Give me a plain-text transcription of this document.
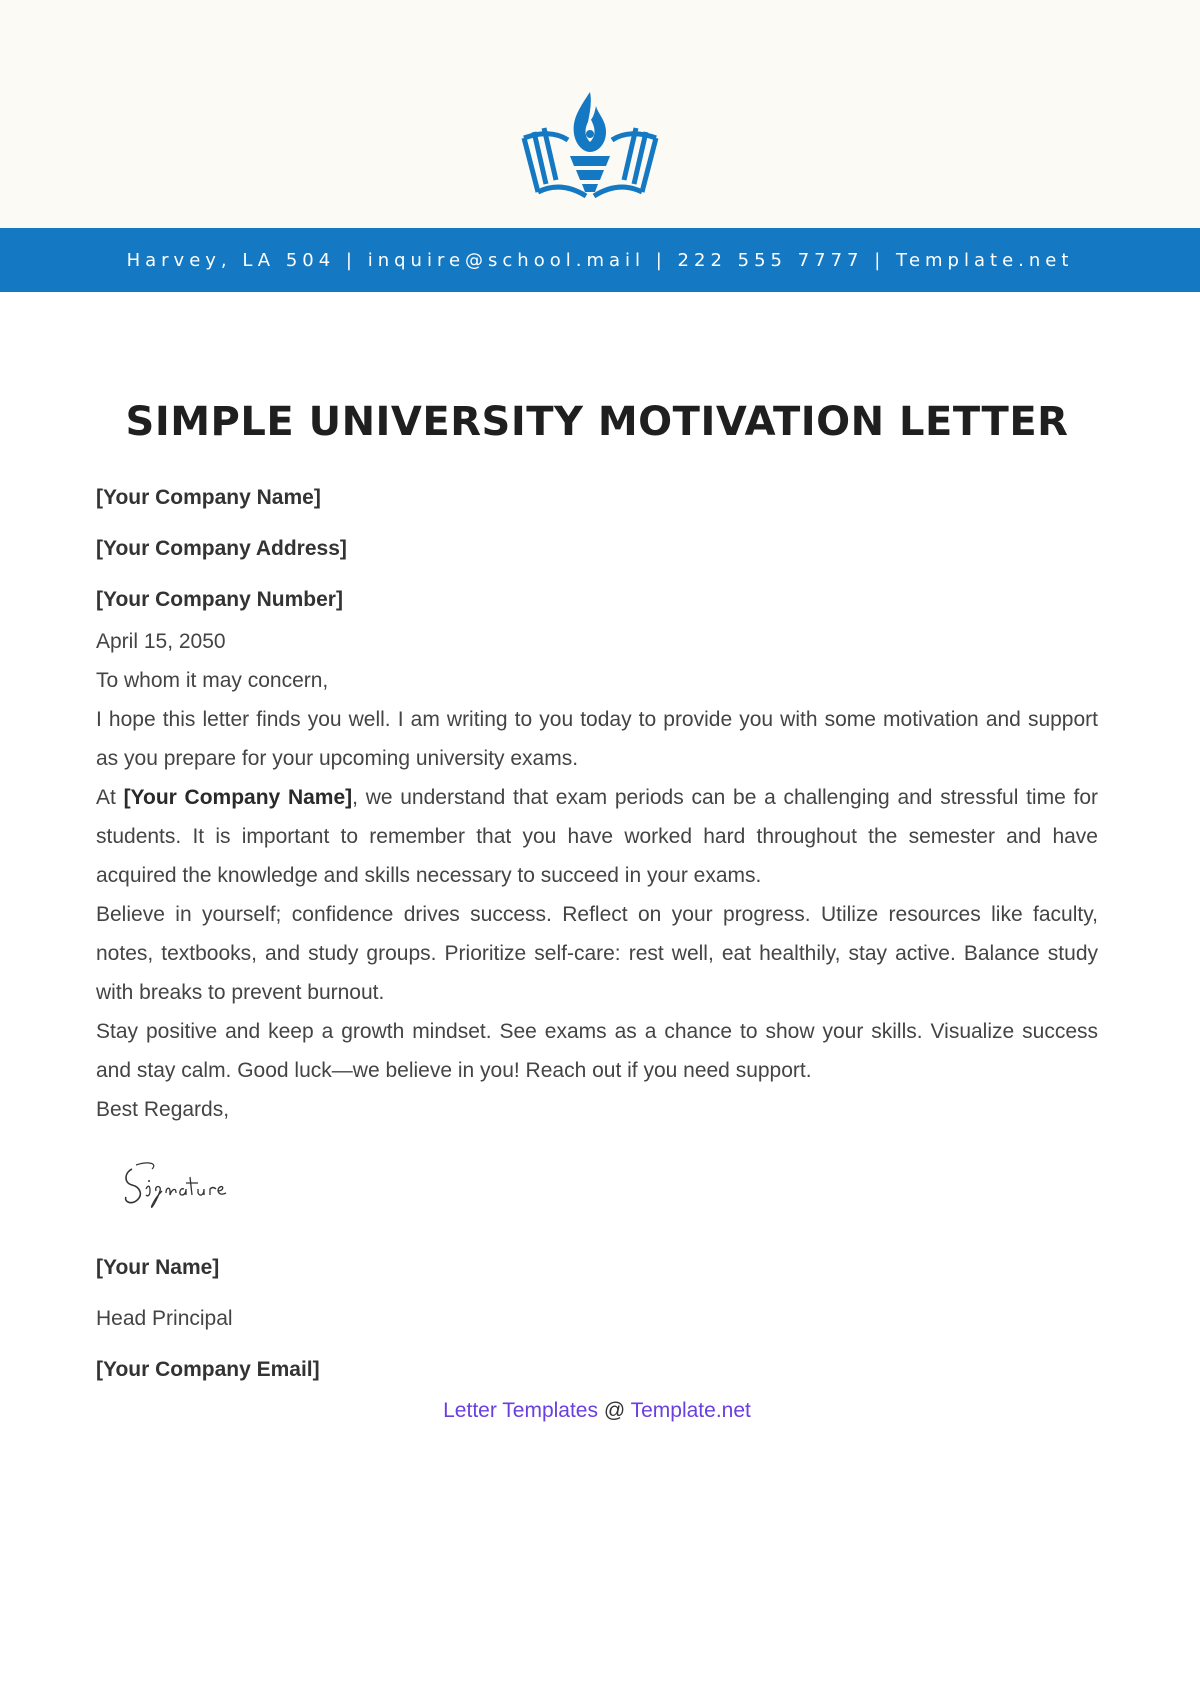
Harvey, LA 504 | inquire@school.mail | 222 555 7777 | Template.net
SIMPLE UNIVERSITY MOTIVATION LETTER
[Your Company Name]
[Your Company Address]
[Your Company Number]
April 15, 2050
To whom it may concern,
I hope this letter finds you well. I am writing to you today to provide you with some motivation and support as you prepare for your upcoming university exams.
At [Your Company Name], we understand that exam periods can be a challenging and stressful time for students. It is important to remember that you have worked hard throughout the semester and have acquired the knowledge and skills necessary to succeed in your exams.
Believe in yourself; confidence drives success. Reflect on your progress. Utilize resources like faculty, notes, textbooks, and study groups. Prioritize self-care: rest well, eat healthily, stay active. Balance study with breaks to prevent burnout.
Stay positive and keep a growth mindset. See exams as a chance to show your skills. Visualize success and stay calm. Good luck—we believe in you! Reach out if you need support.
Best Regards,
[Your Name]
Head Principal
[Your Company Email]
Letter Templates @ Template.net
